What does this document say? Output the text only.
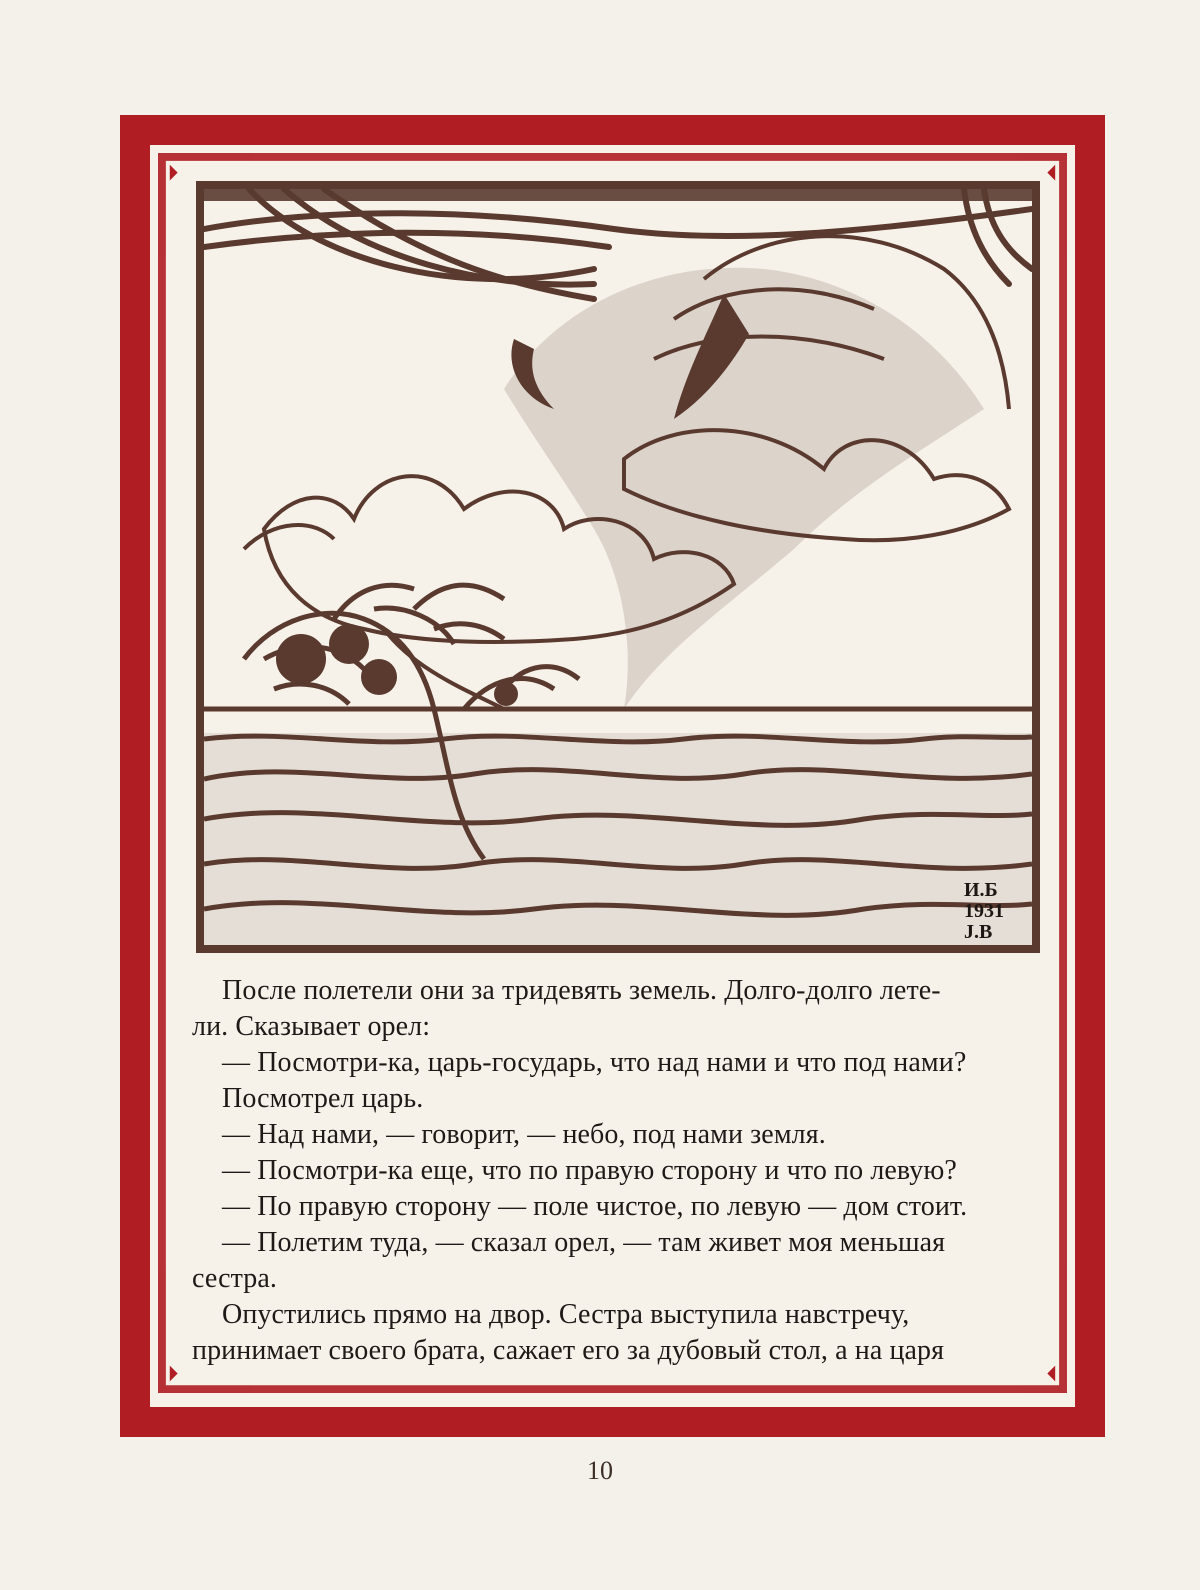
И.Б
1931
J.B

После полетели они за тридевять земель. Долго-долго лете-

ли. Сказывает орел:

— Посмотри-ка, царь-государь, что над нами и что под нами?

Посмотрел царь.

— Над нами, — говорит, — небо, под нами земля.

— Посмотри-ка еще, что по правую сторону и что по левую?

— По правую сторону — поле чистое, по левую — дом стоит.

— Полетим туда, — сказал орел, — там живет моя меньшая

сестра.

Опустились прямо на двор. Сестра выступила навстречу,

принимает своего брата, сажает его за дубовый стол, а на царя

10
